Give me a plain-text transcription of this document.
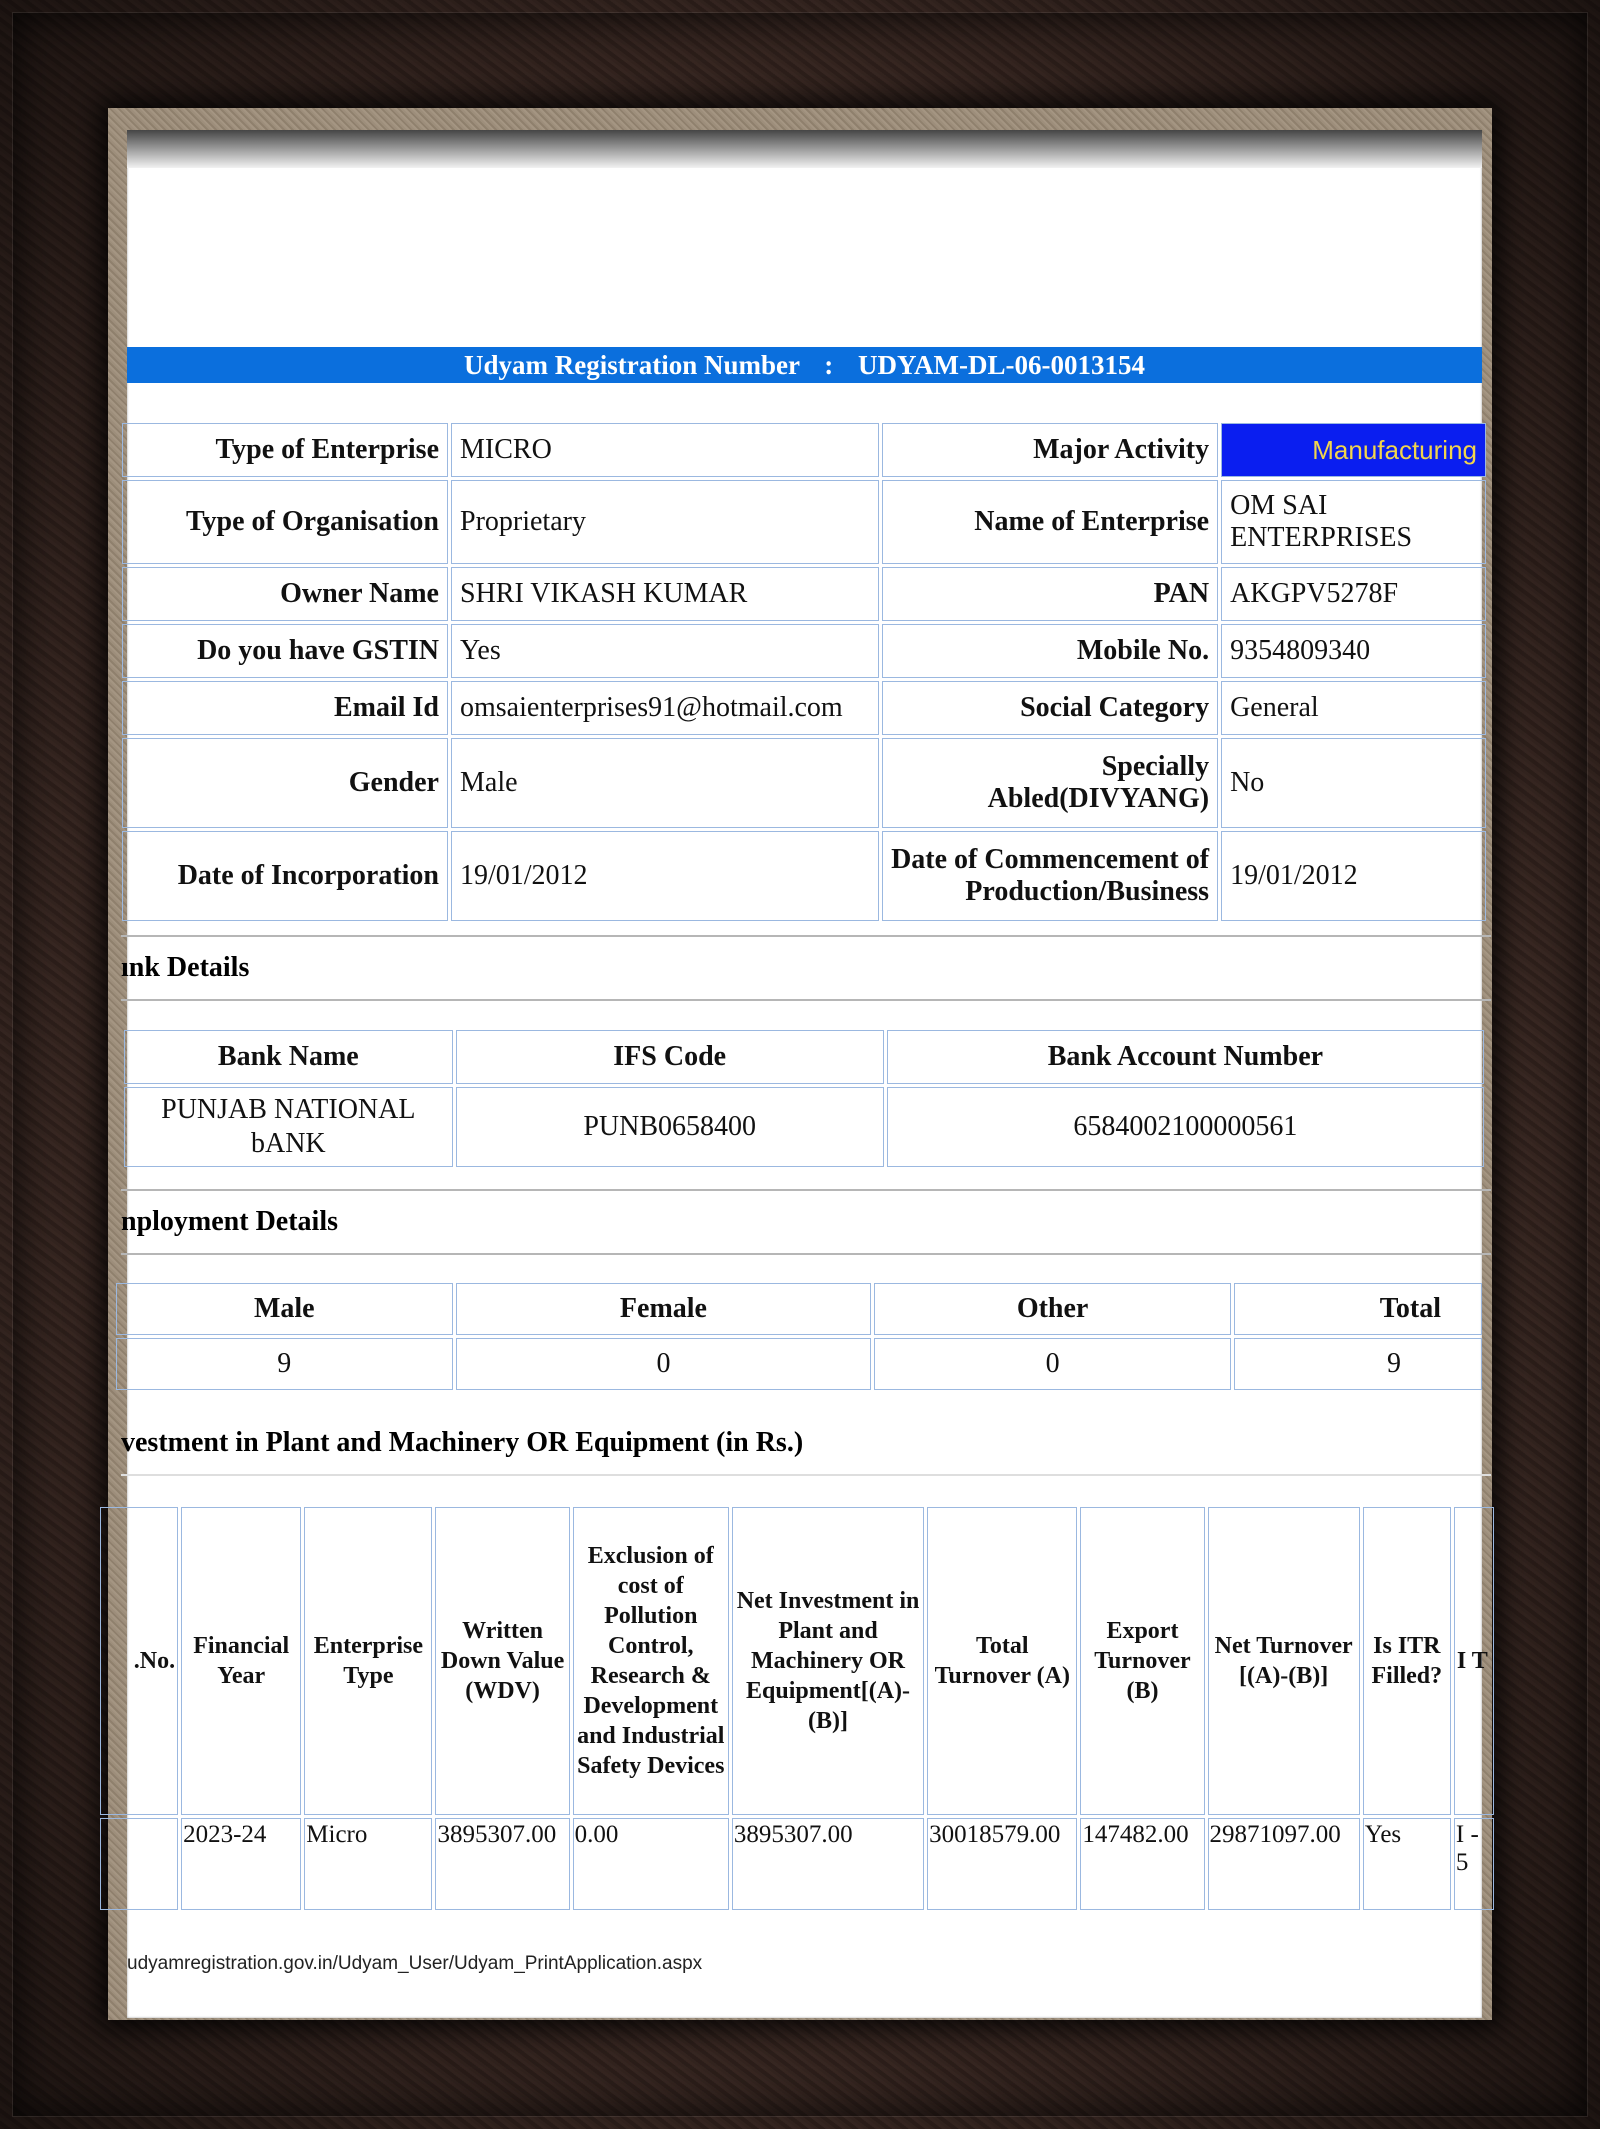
Udyam Registration Number : UDYAM-DL-06-0013154
Type of Enterprise	MICRO	Major Activity	Manufacturing
Type of Organisation	Proprietary	Name of Enterprise	OM SAI ENTERPRISES
Owner Name	SHRI VIKASH KUMAR	PAN	AKGPV5278F
Do you have GSTIN	Yes	Mobile No.	9354809340
Email Id	omsaienterprises91@hotmail.com	Social Category	General
Gender	Male	Specially Abled(DIVYANG)	No
Date of Incorporation	19/01/2012	Date of Commencement of Production/Business	19/01/2012
ınk Details
Bank Name	IFS Code	Bank Account Number
PUNJAB NATIONAL bANK	PUNB0658400	6584002100000561
nployment Details
Male	Female	Other	Total
9	0	0	9
vestment in Plant and Machinery OR Equipment (in Rs.)
.No.	Financial Year	Enterprise Type	Written Down Value (WDV)	Exclusion of cost of Pollution Control, Research & Development and Industrial Safety Devices	Net Investment in Plant and Machinery OR Equipment[(A)-(B)]	Total Turnover (A)	Export Turnover (B)	Net Turnover [(A)-(B)]	Is ITR Filled?	I T
	2023-24	Micro	3895307.00	0.00	3895307.00	30018579.00	147482.00	29871097.00	Yes	I - 5
udyamregistration.gov.in/Udyam_User/Udyam_PrintApplication.aspx
